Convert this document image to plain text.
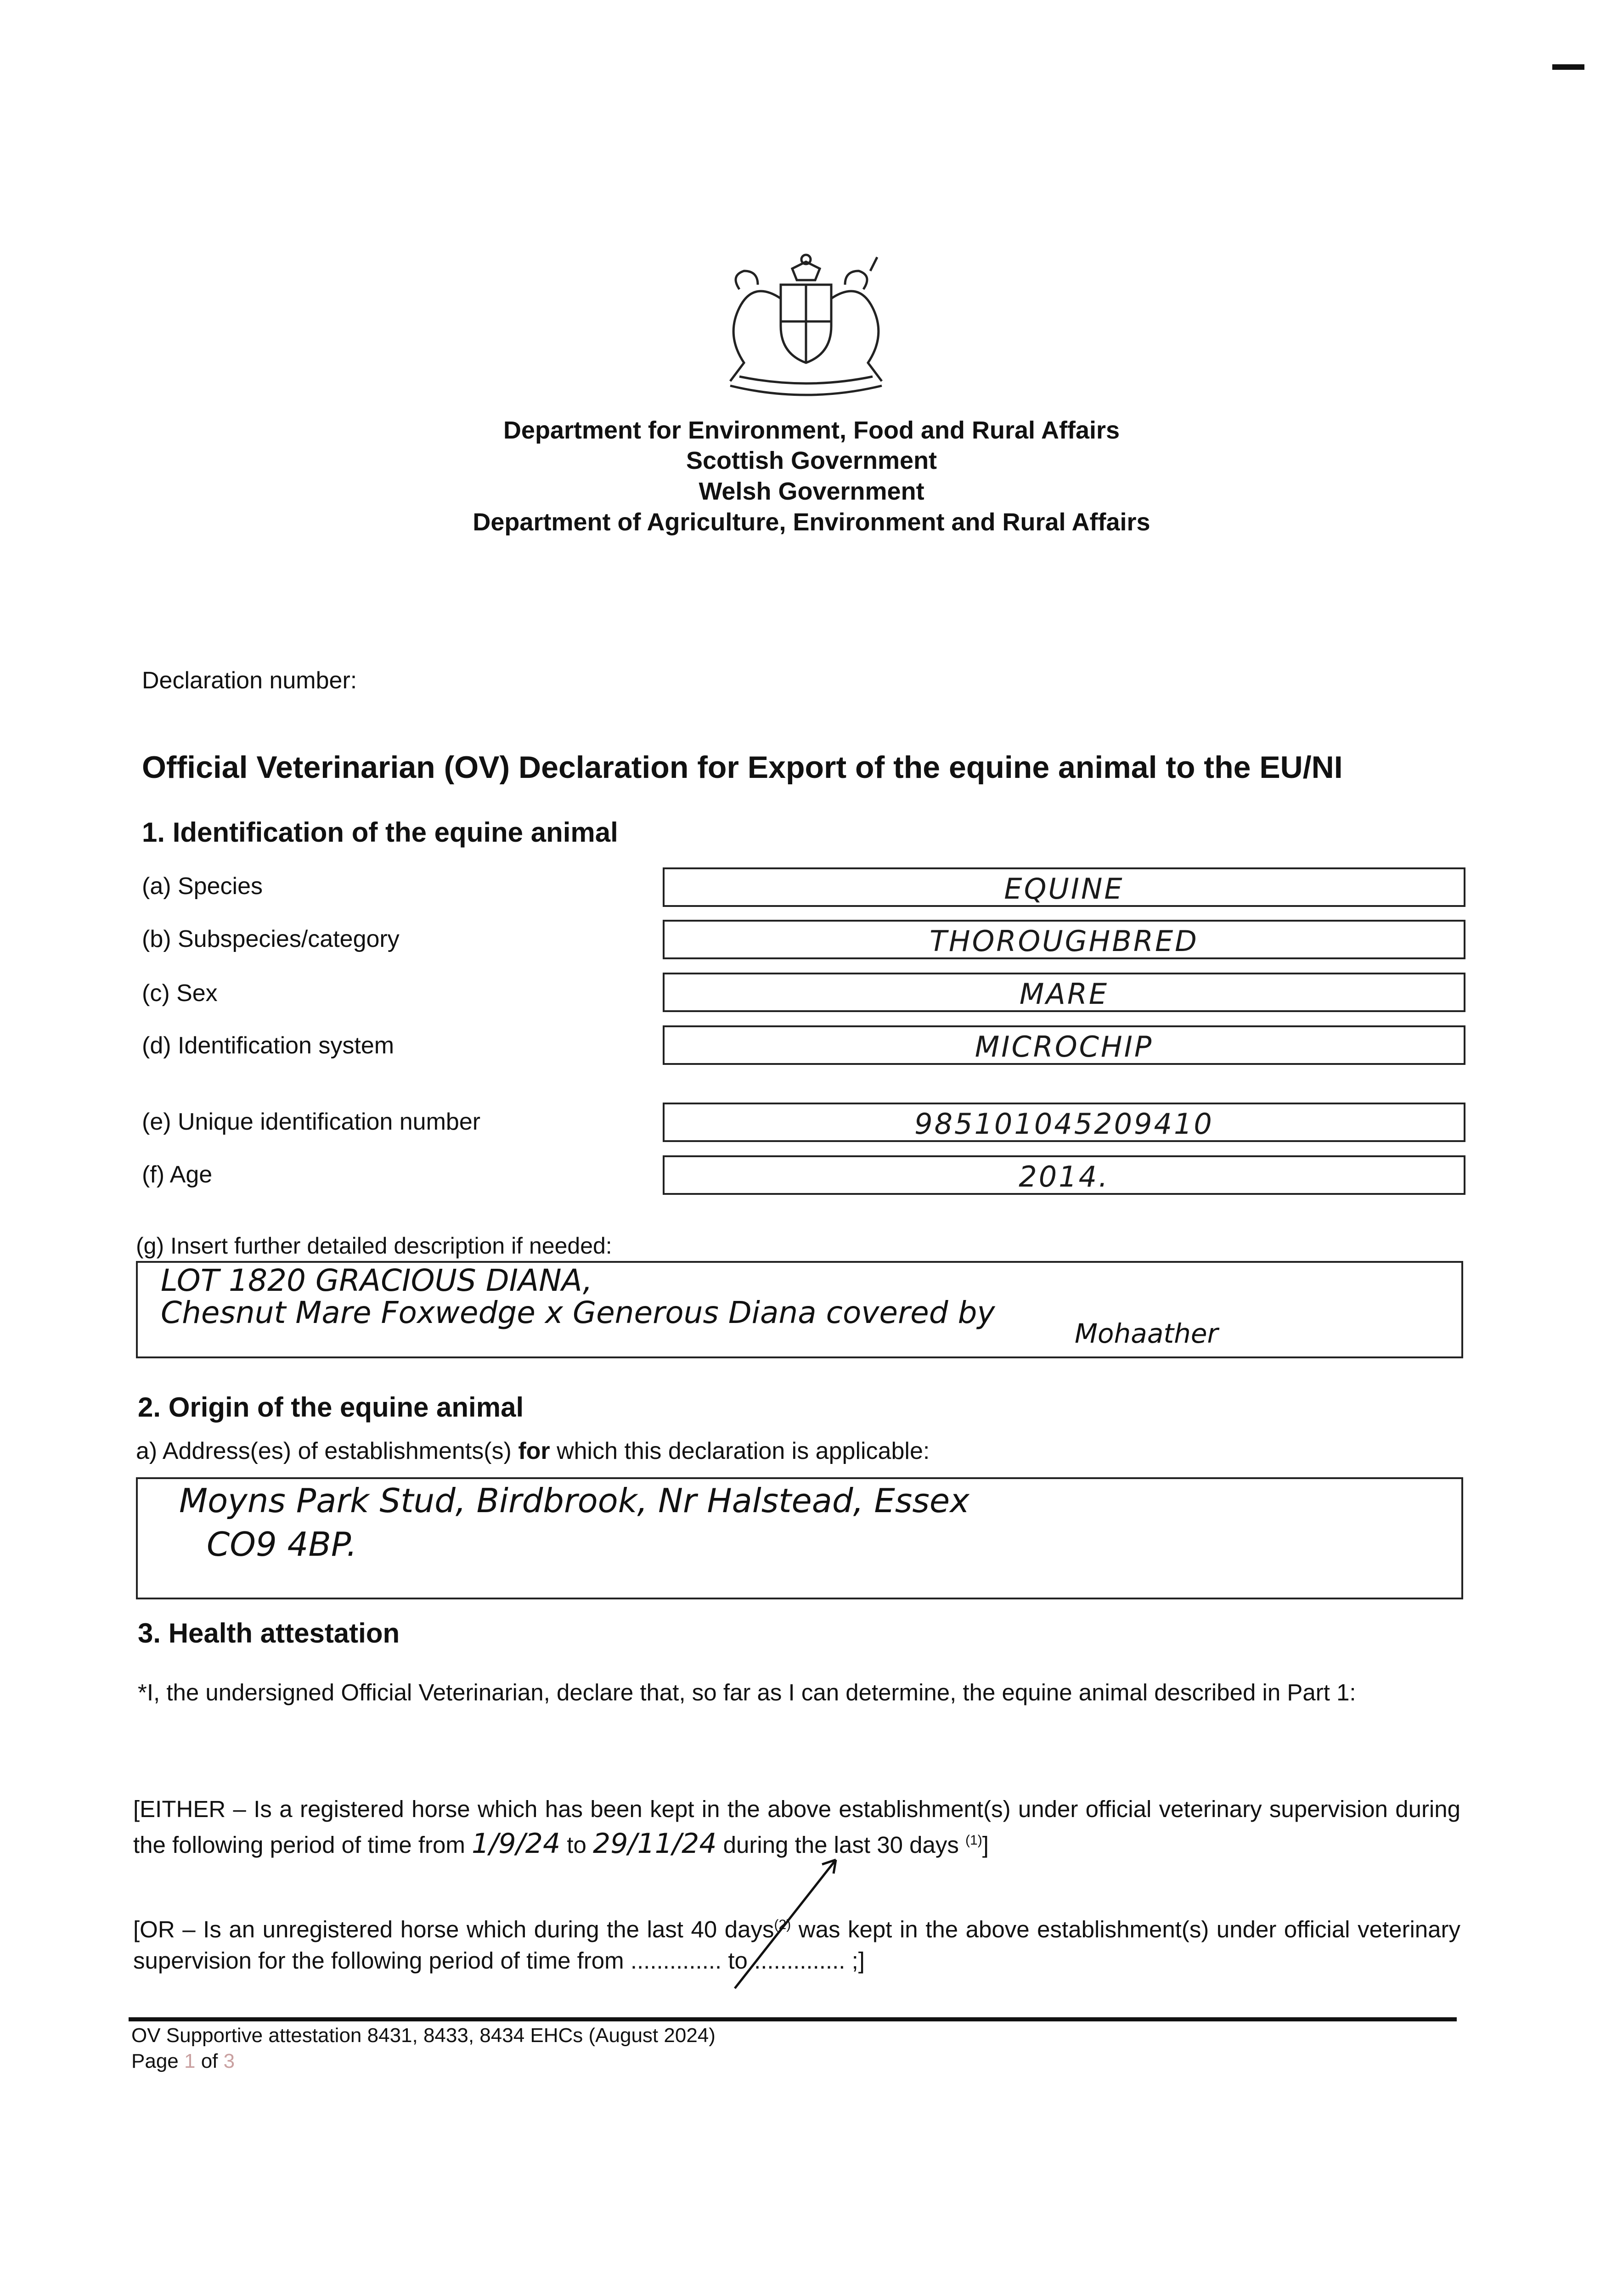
Department for Environment, Food and Rural Affairs
Scottish Government
Welsh Government
Department of Agriculture, Environment and Rural Affairs
Declaration number:
Official Veterinarian (OV) Declaration for Export of the equine animal to the EU/NI
1. Identification of the equine animal
(a) Species	EQUINE
(b) Subspecies/category	THOROUGHBRED
(c) Sex	MARE
(d) Identification system	MICROCHIP
(e) Unique identification number	985101045209410
(f) Age	2014.
(g) Insert further detailed description if needed:
LOT 1820 GRACIOUS DIANA,
Chesnut Mare Foxwedge x Generous Diana covered by
Mohaather
2. Origin of the equine animal
a) Address(es) of establishments(s) for which this declaration is applicable:
Moyns Park Stud, Birdbrook, Nr Halstead, Essex
CO9 4BP.
3. Health attestation
*I, the undersigned Official Veterinarian, declare that, so far as I can determine, the equine animal described in Part 1:
[EITHER – Is a registered horse which has been kept in the above establishment(s) under official veterinary supervision during the following period of time from 1/9/24 to 29/11/24 during the last 30 days $^{(1)}$]
[OR – Is an unregistered horse which during the last 40 days$^{(2)}$ was kept in the above establishment(s) under official veterinary supervision for the following period of time from .............. to .............. ;]
OV Supportive attestation 8431, 8433, 8434 EHCs (August 2024)
Page 1 of 3
